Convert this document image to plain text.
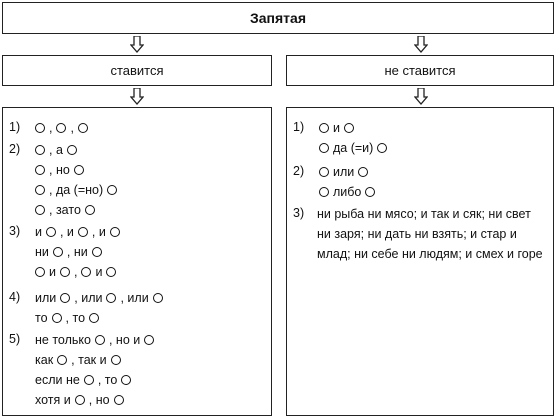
Запятая
ставится	не ставится
1)	, ,
2)	, а
, но
, да (=но)
, зато
3)	и , и , и
ни , ни
и , и
4)	или , или , или
то , то
5)	не только , но и
как , так и
если не , то
хотя и , но
1)	и
да (=и)
2)	или
либо
3)	ни рыба ни мясо; и так и сяк; ни свет ни заря; ни дать ни взять; и стар и млад; ни себе ни людям; и смех и горе
